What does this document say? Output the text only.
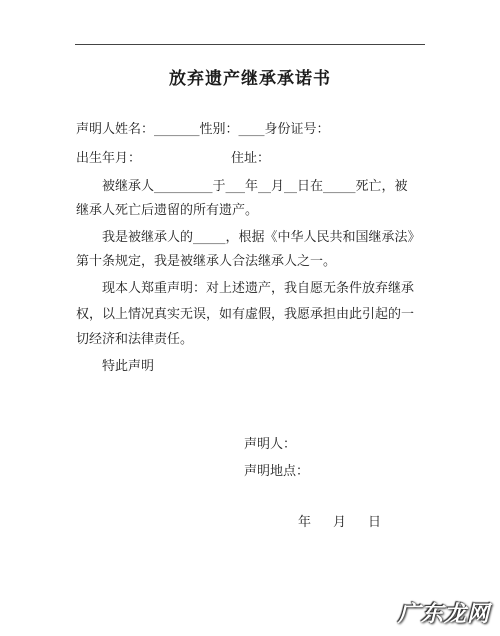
放弃遗产继承承诺书
声明人姓名：_______性别：____身份证号：
出生年月：	住址：
被继承人_________于___年__月__日在_____死亡，被
继承人死亡后遗留的所有遗产。
我是被继承人的_____，根据《中华人民共和国继承法》
第十条规定，我是被继承人合法继承人之一。
现本人郑重声明：对上述遗产，我自愿无条件放弃继承
权，以上情况真实无误，如有虚假，我愿承担由此引起的一
切经济和法律责任。
特此声明
声明人：
声明地点：
年 月 日
广东龙网
